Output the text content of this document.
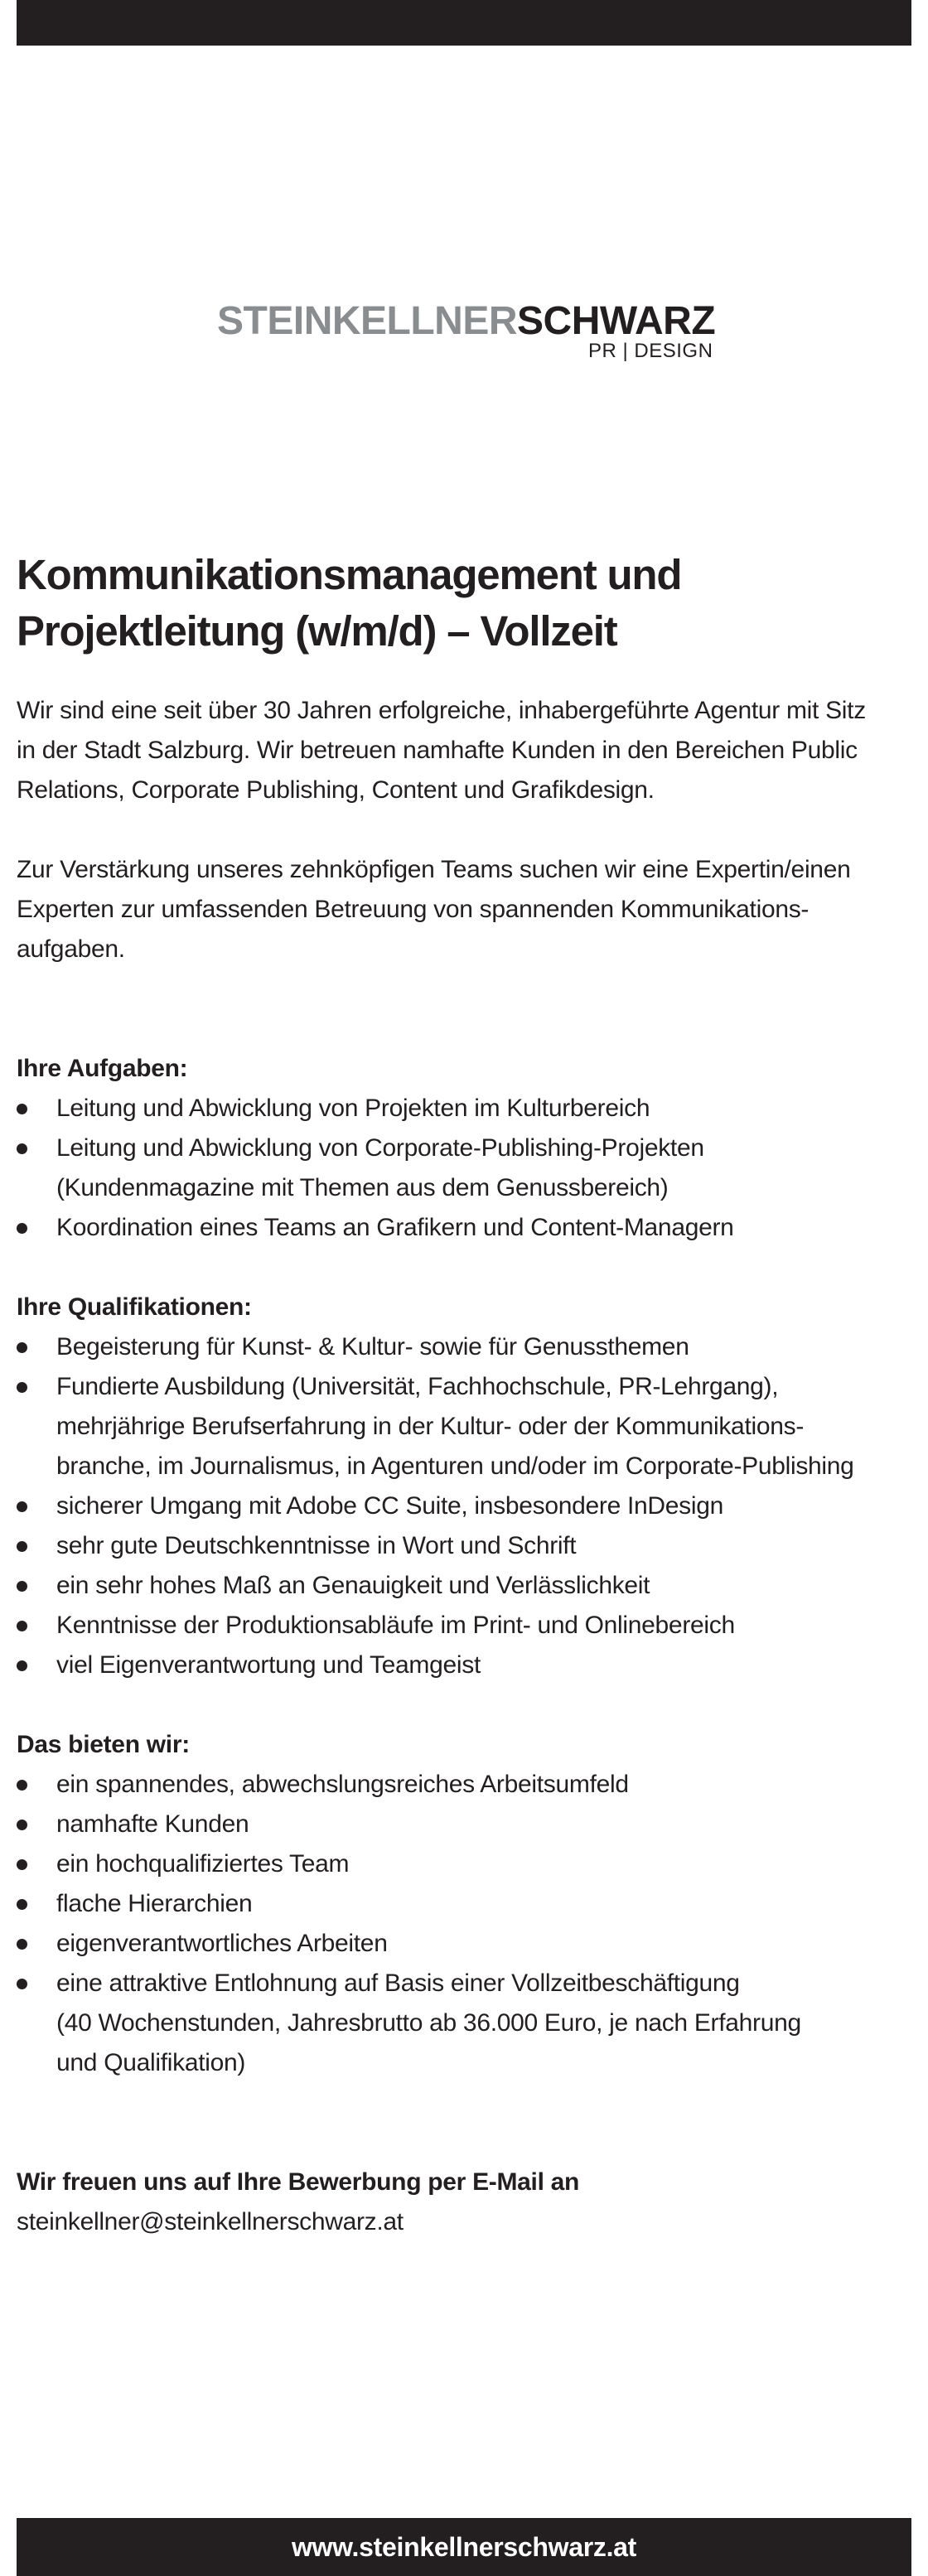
STEINKELLNERSCHWARZ
PR | DESIGN
Kommunikationsmanagement und
Projektleitung (w/m/d) – Vollzeit
Wir sind eine seit über 30 Jahren erfolgreiche, inhabergeführte Agentur mit Sitz
in der Stadt Salzburg. Wir betreuen namhafte Kunden in den Bereichen Public
Relations, Corporate Publishing, Content und Grafikdesign.
Zur Verstärkung unseres zehnköpfigen Teams suchen wir eine Expertin/einen
Experten zur umfassenden Betreuung von spannenden Kommunikations-
aufgaben.
Ihre Aufgaben:
Leitung und Abwicklung von Projekten im Kulturbereich
Leitung und Abwicklung von Corporate-Publishing-Projekten
(Kundenmagazine mit Themen aus dem Genussbereich)
Koordination eines Teams an Grafikern und Content-Managern
Ihre Qualifikationen:
Begeisterung für Kunst- & Kultur- sowie für Genussthemen
Fundierte Ausbildung (Universität, Fachhochschule, PR-Lehrgang),
mehrjährige Berufserfahrung in der Kultur- oder der Kommunikations-
branche, im Journalismus, in Agenturen und/oder im Corporate-Publishing
sicherer Umgang mit Adobe CC Suite, insbesondere InDesign
sehr gute Deutschkenntnisse in Wort und Schrift
ein sehr hohes Maß an Genauigkeit und Verlässlichkeit
Kenntnisse der Produktionsabläufe im Print- und Onlinebereich
viel Eigenverantwortung und Teamgeist
Das bieten wir:
ein spannendes, abwechslungsreiches Arbeitsumfeld
namhafte Kunden
ein hochqualifiziertes Team
flache Hierarchien
eigenverantwortliches Arbeiten
eine attraktive Entlohnung auf Basis einer Vollzeitbeschäftigung
(40 Wochenstunden, Jahresbrutto ab 36.000 Euro, je nach Erfahrung
und Qualifikation)
Wir freuen uns auf Ihre Bewerbung per E-Mail an
steinkellner@steinkellnerschwarz.at
www.steinkellnerschwarz.at
